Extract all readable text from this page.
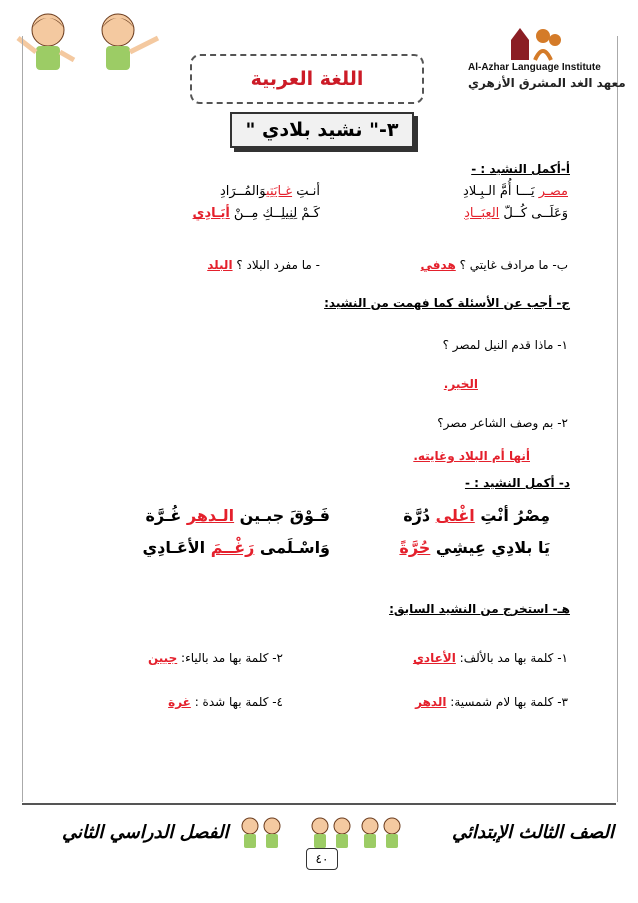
اللغة العربية
Al-Azhar Language Institute
معهد الغد المشرق الأزهري
٣-" نشيد بلادي "
أ-أكمل النشيد : -
مصـر يَـــا أُمَّ الـبِـلادِ
أنـتِ غـايَتِيوَالمُــرَادِ
وَعَلَــى كُــلّ العِبَــادِ
كَـمْ لِنِيلِــكِ مِــنْ أيَـادِي
ب- ما مرادف غايتي ؟ هدفي
- ما مفرد البلاد ؟ البلد
ج- أجب عن الأسئلة كما فهمت من النشيد:
١- ماذا قدم النيل لمصر ؟
الخير.
٢- بم وصف الشاعر مصر؟
أنها أم البلاد وغايته.
د- أكمل النشيد : -
مِصْرُ أنْتِ اغْلى دُرَّة
فَـوْقَ جبـين الـدهر غُـرَّة
يَا بلادِي عِيشِي حُرَّةً
وَاسْـلَمى رَغْــمَ الأعَـادِي
هـ- استخرج من النشيد السابق:
١- كلمة بها مد بالألف: الأعادي
٢- كلمة بها مد بالياء: جبين
٣- كلمة بها لام شمسية: الدهر
٤- كلمة بها شدة : غرة
الصف الثالث الإبتدائي
الفصل الدراسي الثاني
٤٠
